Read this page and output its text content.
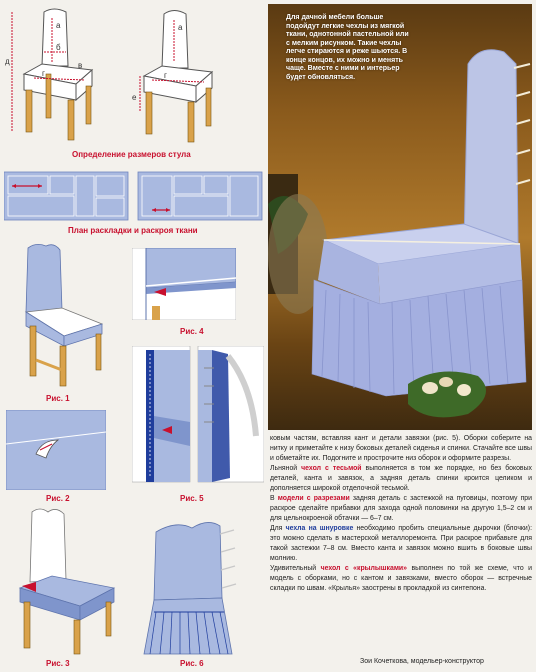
д
а
б
в
г
а
г
е
Определение размеров стула
План раскладки и раскроя ткани
Рис. 1
Рис. 4
Рис. 2	Рис. 5
Рис. 3	Рис. 6
Для дачной мебели больше подойдут легкие чехлы из мягкой ткани, однотонной пастельной или с мелким рисунком. Такие чехлы легче стираются и реже шьются. В конце концов, их можно и менять чаще. Вместе с ними и интерьер будет обновляться.

ковым частям, вставляя кант и детали завязки (рис. 5). Оборки соберите на нитку и приметайте к низу боковых деталей сиденья и спинки. Стачайте все швы и обметайте их. Подогните и прострочите низ оборок и оформите разрезы.

Льняной чехол с тесьмой выполняется в том же порядке, но без боковых деталей, канта и завязок, а задняя деталь спинки кроится целиком и дополняется широкой отделочной тесьмой.

В модели с разрезами задняя деталь с застежкой на пуговицы, поэтому при раскрое сделайте прибавки для захода одной половинки на другую 1,5–2 см и для цельнокроеной обтачки — 6–7 см.

Для чехла на шнуровке необходимо пробить специальные дырочки (блочки): это можно сделать в мастерской металлоремонта. При раскрое прибавьте для такой застежки 7–8 см. Вместо канта и завязок можно вшить в боковые швы молнию.

Удивительный чехол с «крылышками» выполнен по той же схеме, что и модель с оборками, но с кантом и завязками, вместо оборок — встречные складки по швам. «Крылья» заострены в прокладкой из синтепона.

Зои Кочеткова, модельер-конструктор
